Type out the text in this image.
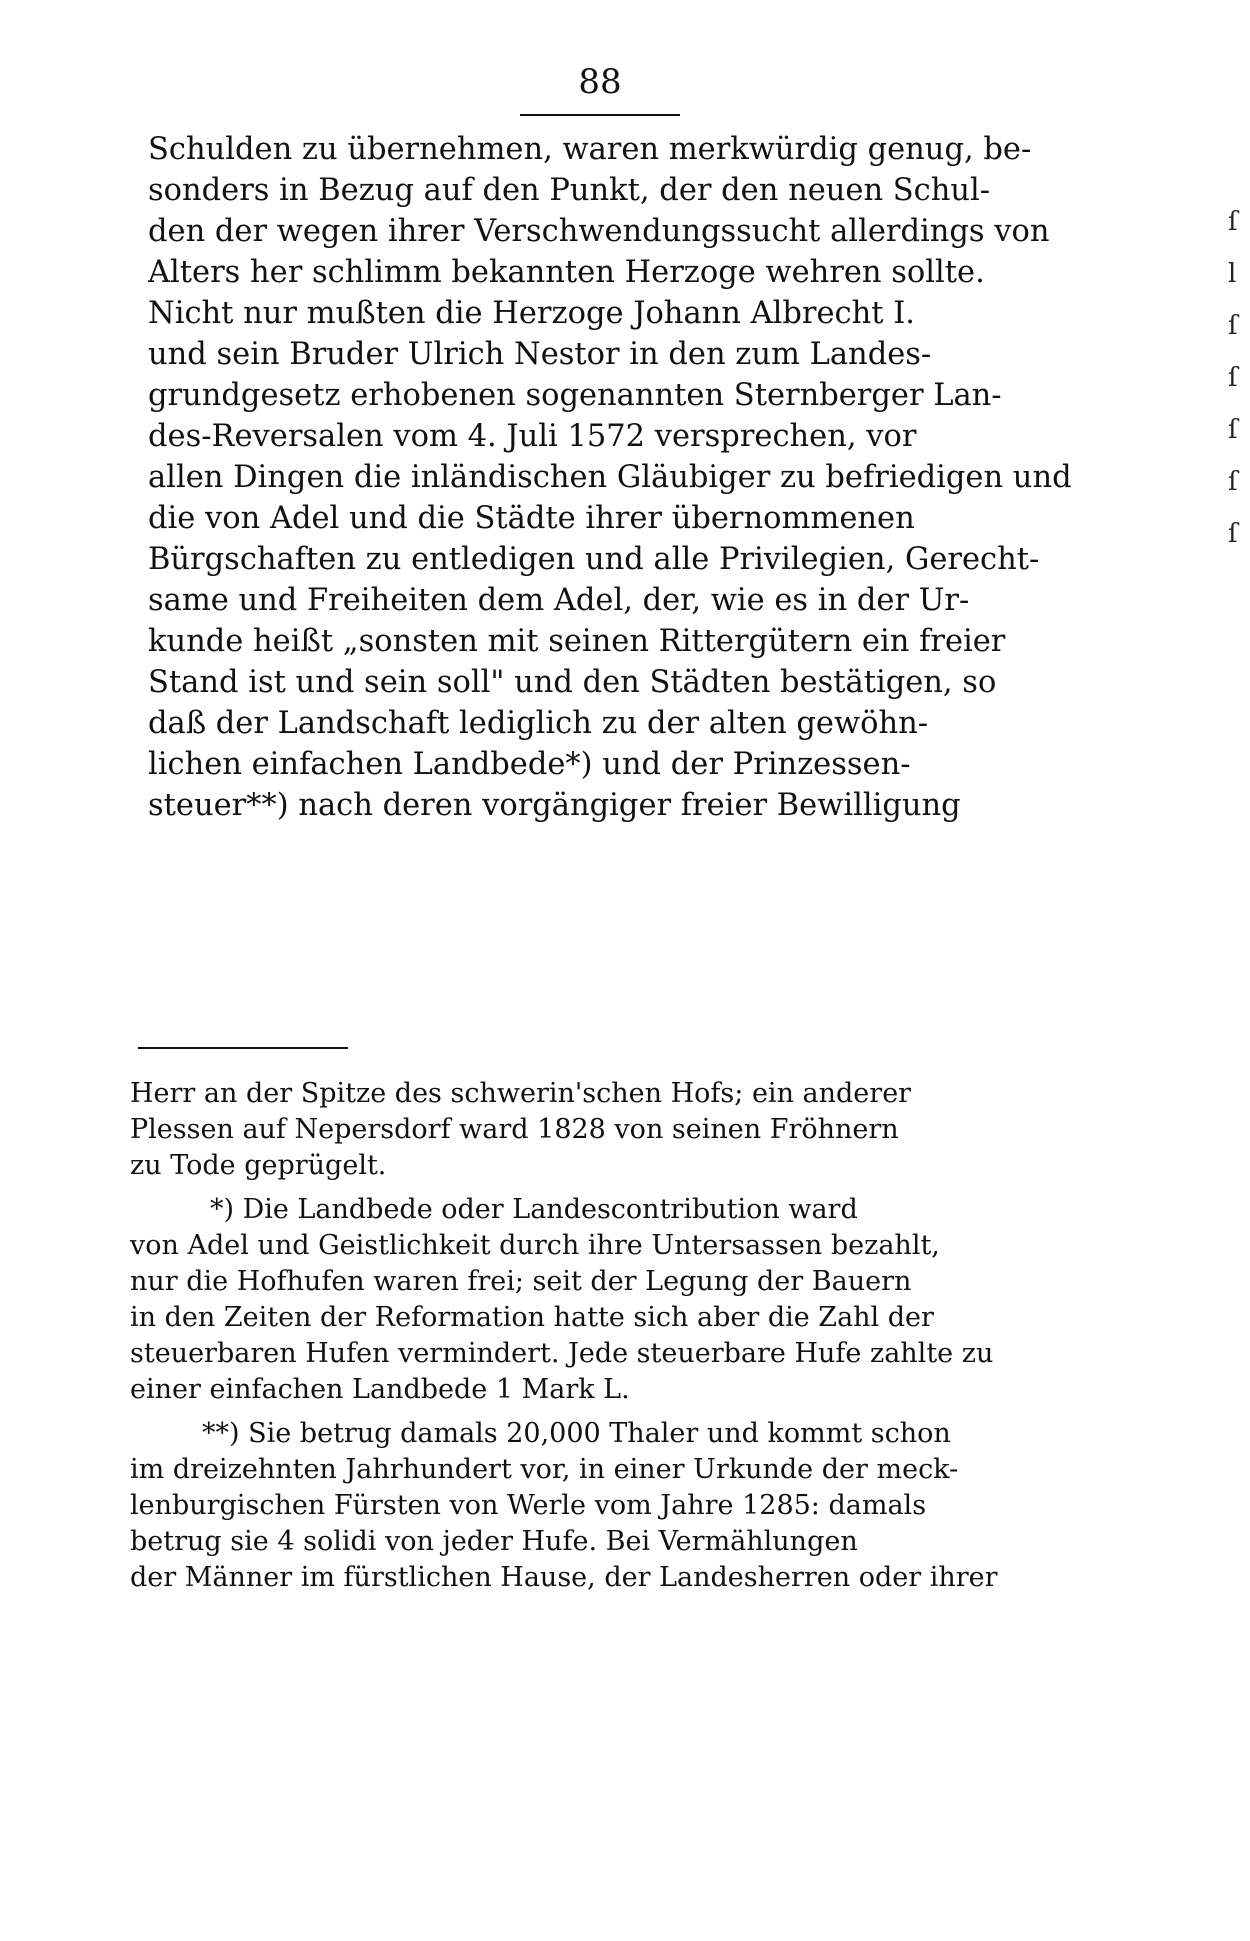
88
Schulden zu übernehmen, waren merkwürdig genug, be-
sonders in Bezug auf den Punkt, der den neuen Schul-
den der wegen ihrer Verschwendungssucht allerdings von
Alters her schlimm bekannten Herzoge wehren sollte.
Nicht nur mußten die Herzoge Johann Albrecht I.
und sein Bruder Ulrich Nestor in den zum Landes-
grundgesetz erhobenen sogenannten Sternberger Lan-
des-Reversalen vom 4. Juli 1572 versprechen, vor
allen Dingen die inländischen Gläubiger zu befriedigen und
die von Adel und die Städte ihrer übernommenen
Bürgschaften zu entledigen und alle Privilegien, Gerecht-
same und Freiheiten dem Adel, der, wie es in der Ur-
kunde heißt „sonsten mit seinen Rittergütern ein freier
Stand ist und sein soll" und den Städten bestätigen, so
daß der Landschaft lediglich zu der alten gewöhn-
lichen einfachen Landbede*) und der Prinzessen-
steuer**) nach deren vorgängiger freier Bewilligung
Herr an der Spitze des schwerin'schen Hofs; ein anderer
Plessen auf Nepersdorf ward 1828 von seinen Fröhnern
zu Tode geprügelt.
*) Die Landbede oder Landescontribution ward
von Adel und Geistlichkeit durch ihre Untersassen bezahlt,
nur die Hofhufen waren frei; seit der Legung der Bauern
in den Zeiten der Reformation hatte sich aber die Zahl der
steuerbaren Hufen vermindert. Jede steuerbare Hufe zahlte zu
einer einfachen Landbede 1 Mark L.
**) Sie betrug damals 20,000 Thaler und kommt schon
im dreizehnten Jahrhundert vor, in einer Urkunde der meck-
lenburgischen Fürsten von Werle vom Jahre 1285: damals
betrug sie 4 solidi von jeder Hufe. Bei Vermählungen
der Männer im fürstlichen Hause, der Landesherren oder ihrer
ſ
l
ſ
ſ
ſ
ſ
ſ
